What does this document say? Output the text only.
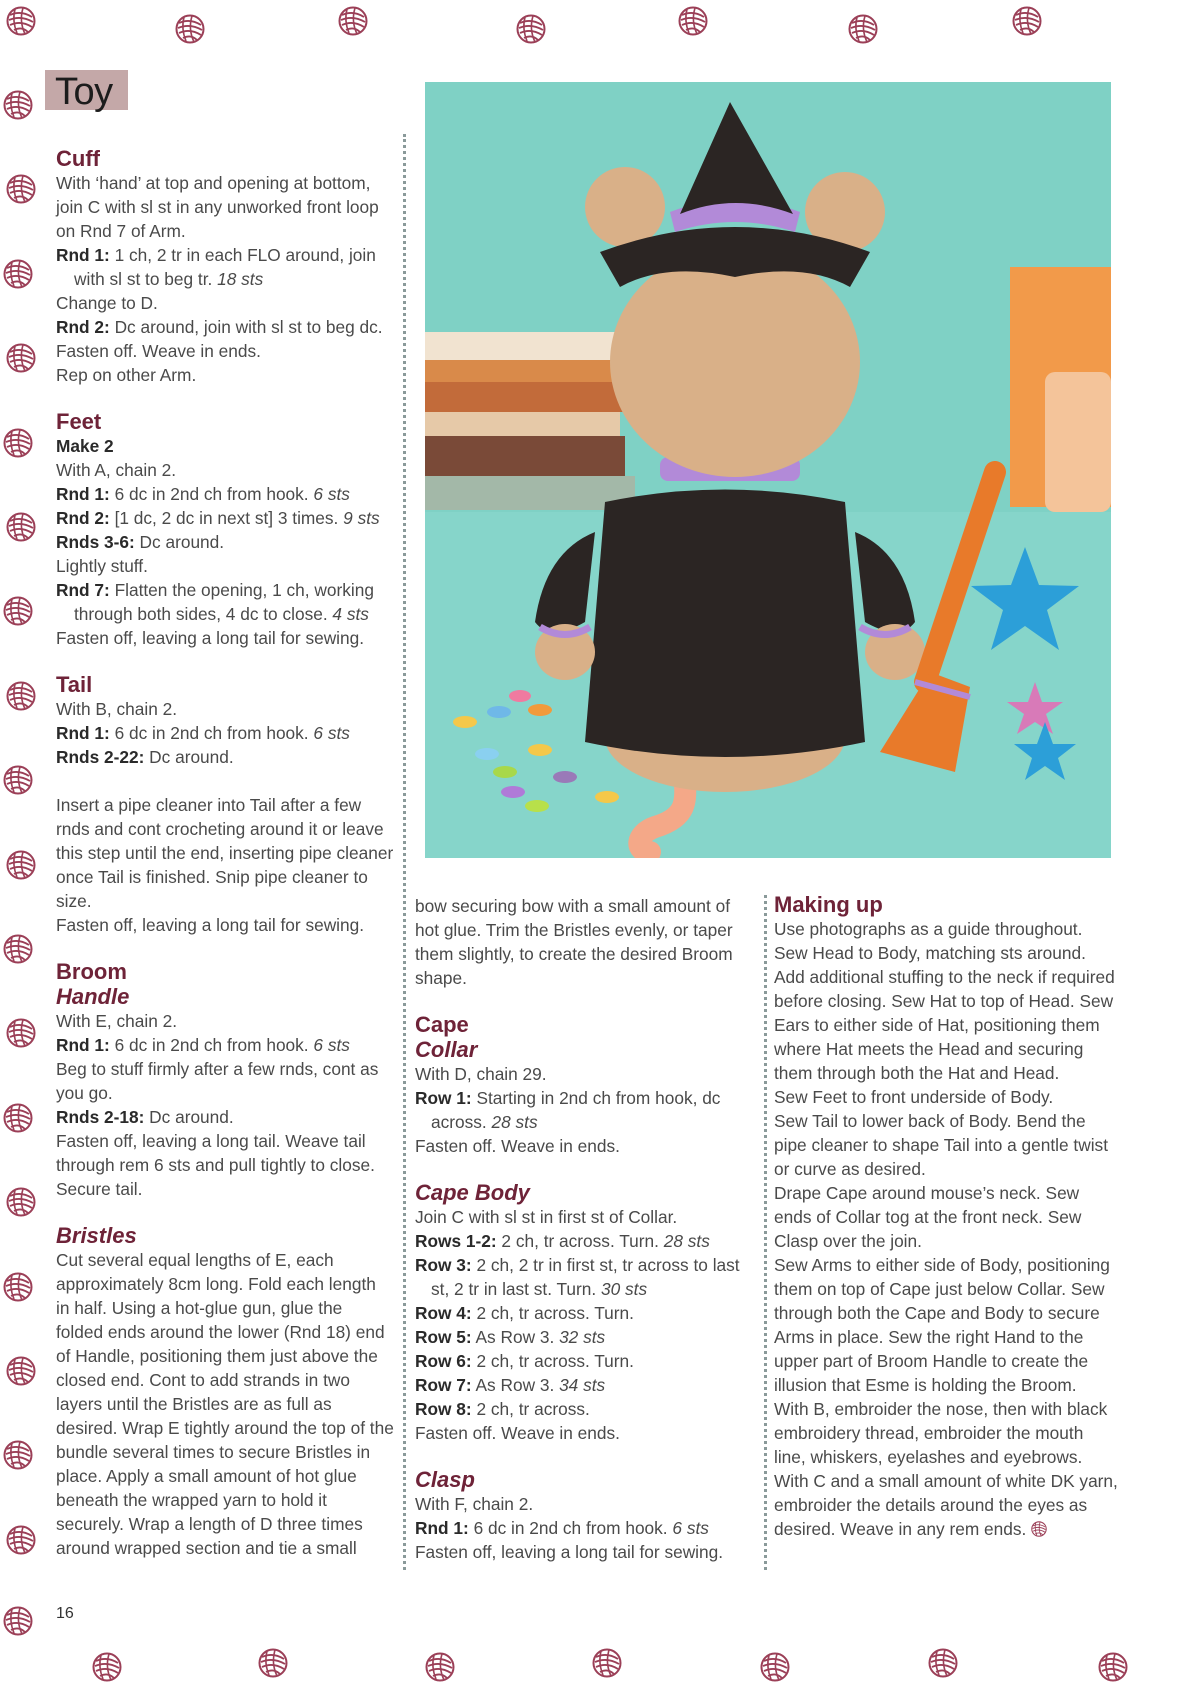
Toy

Cuff

With ‘hand’ at top and opening at bottom, join C with sl st in any unworked front loop on Rnd 7 of Arm.

Rnd 1: 1 ch, 2 tr in each FLO around, join with sl st to beg tr. 18 sts

Change to D.

Rnd 2: Dc around, join with sl st to beg dc.

Fasten off. Weave in ends.

Rep on other Arm.

Feet

Make 2

With A, chain 2.

Rnd 1: 6 dc in 2nd ch from hook. 6 sts

Rnd 2: [1 dc, 2 dc in next st] 3 times. 9 sts

Rnds 3-6: Dc around.

Lightly stuff.

Rnd 7: Flatten the opening, 1 ch, working through both sides, 4 dc to close. 4 sts

Fasten off, leaving a long tail for sewing.

Tail

With B, chain 2.

Rnd 1: 6 dc in 2nd ch from hook. 6 sts

Rnds 2-22: Dc around.

Insert a pipe cleaner into Tail after a few rnds and cont crocheting around it or leave this step until the end, inserting pipe cleaner once Tail is finished. Snip pipe cleaner to size.

Fasten off, leaving a long tail for sewing.

Broom

Handle

With E, chain 2.

Rnd 1: 6 dc in 2nd ch from hook. 6 sts

Beg to stuff firmly after a few rnds, cont as you go.

Rnds 2-18: Dc around.

Fasten off, leaving a long tail. Weave tail through rem 6 sts and pull tightly to close. Secure tail.

Bristles

Cut several equal lengths of E, each approximately 8cm long. Fold each length in half. Using a hot-glue gun, glue the folded ends around the lower (Rnd 18) end of Handle, positioning them just above the closed end. Cont to add strands in two layers until the Bristles are as full as desired. Wrap E tightly around the top of the bundle several times to secure Bristles in place. Apply a small amount of hot glue beneath the wrapped yarn to hold it securely. Wrap a length of D three times around wrapped section and tie a small

bow securing bow with a small amount of hot glue. Trim the Bristles evenly, or taper them slightly, to create the desired Broom shape.

Cape

Collar

With D, chain 29.

Row 1: Starting in 2nd ch from hook, dc across. 28 sts

Fasten off. Weave in ends.

Cape Body

Join C with sl st in first st of Collar.

Rows 1-2: 2 ch, tr across. Turn. 28 sts

Row 3: 2 ch, 2 tr in first st, tr across to last st, 2 tr in last st. Turn. 30 sts

Row 4: 2 ch, tr across. Turn.

Row 5: As Row 3. 32 sts

Row 6: 2 ch, tr across. Turn.

Row 7: As Row 3. 34 sts

Row 8: 2 ch, tr across.

Fasten off. Weave in ends.

Clasp

With F, chain 2.

Rnd 1: 6 dc in 2nd ch from hook. 6 sts

Fasten off, leaving a long tail for sewing.

Making up

Use photographs as a guide throughout.

Sew Head to Body, matching sts around. Add additional stuffing to the neck if required before closing. Sew Hat to top of Head. Sew Ears to either side of Hat, positioning them where Hat meets the Head and securing them through both the Hat and Head.

Sew Feet to front underside of Body.

Sew Tail to lower back of Body. Bend the pipe cleaner to shape Tail into a gentle twist or curve as desired.

Drape Cape around mouse’s neck. Sew ends of Collar tog at the front neck. Sew Clasp over the join.

Sew Arms to either side of Body, positioning them on top of Cape just below Collar. Sew through both the Cape and Body to secure Arms in place. Sew the right Hand to the upper part of Broom Handle to create the illusion that Esme is holding the Broom.

With B, embroider the nose, then with black embroidery thread, embroider the mouth line, whiskers, eyelashes and eyebrows.

With C and a small amount of white DK yarn, embroider the details around the eyes as desired. Weave in any rem ends.

16
